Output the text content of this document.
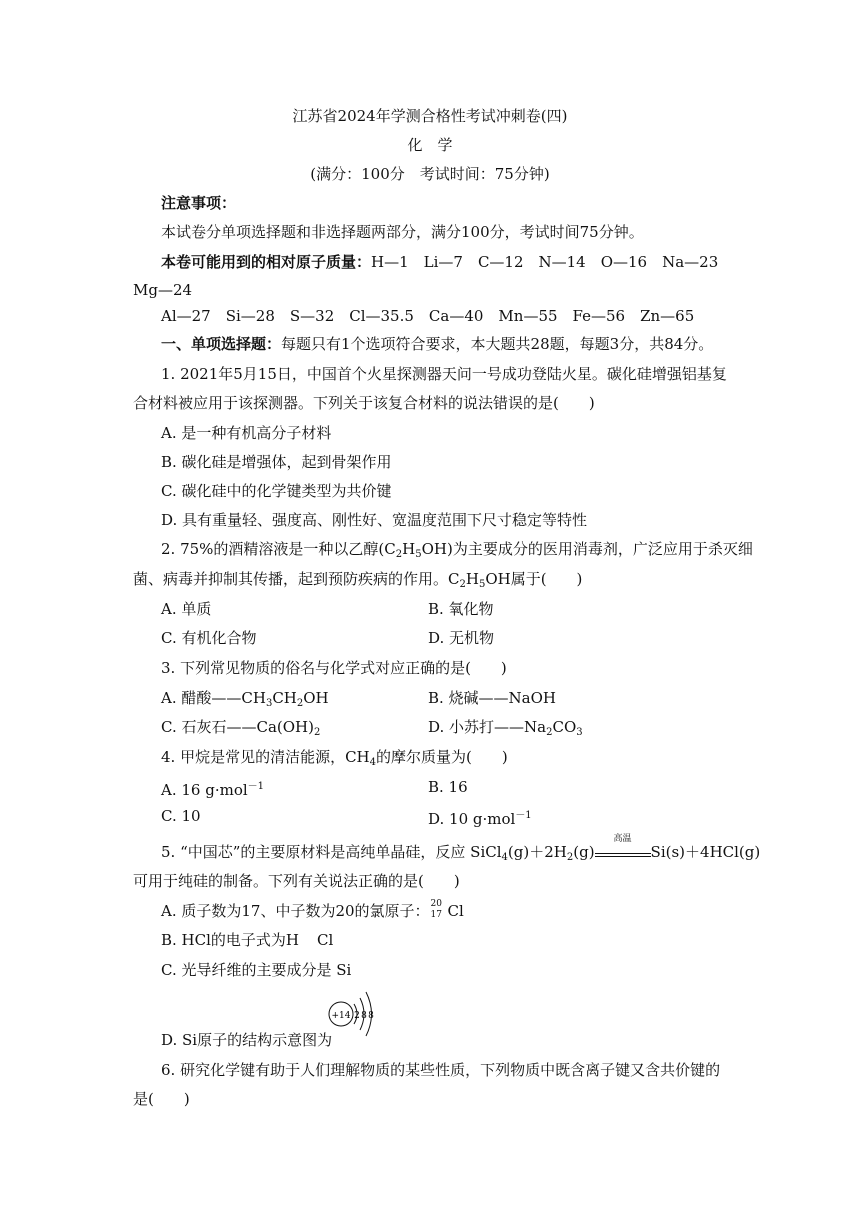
江苏省2024年学测合格性考试冲刺卷(四)
化　学
(满分：100分　考试时间：75分钟)
注意事项：
本试卷分单项选择题和非选择题两部分，满分100分，考试时间75分钟。
本卷可能用到的相对原子质量：H—1　Li—7　C—12　N—14　O—16　Na—23
Mg—24
Al—27　Si—28　S—32　Cl—35.5　Ca—40　Mn—55　Fe—56　Zn—65
一、单项选择题：每题只有1个选项符合要求，本大题共28题，每题3分，共84分。
1. 2021年5月15日，中国首个火星探测器天问一号成功登陆火星。碳化硅增强铝基复
合材料被应用于该探测器。下列关于该复合材料的说法错误的是(　　)
A. 是一种有机高分子材料
B. 碳化硅是增强体，起到骨架作用
C. 碳化硅中的化学键类型为共价键
D. 具有重量轻、强度高、刚性好、宽温度范围下尺寸稳定等特性
2. 75%的酒精溶液是一种以乙醇$(C_2H_5OH)$为主要成分的医用消毒剂，广泛应用于杀灭细
菌、病毒并抑制其传播，起到预防疾病的作用。$C_2H_5OH$属于(　　)
A. 单质	B. 氧化物
C. 有机化合物	D. 无机物
3. 下列常见物质的俗名与化学式对应正确的是(　　)
A. 醋酸$——CH_3CH_2OH$	B. 烧碱——NaOH
C. 石灰石$——Ca(OH)_2$	D. 小苏打$——Na_2CO_3$
4. 甲烷是常见的清洁能源，$CH_4$的摩尔质量为(　　)
A. 16 g·mol$^{-1}$	B. 16
C. 10	D. 10 g·mol$^{-1}$
5. “中国芯”的主要原材料是高纯单晶硅，反应 $SiCl_4(g)+2H_2(g)$
高温
Si(s)＋4HCl(g)
可用于纯硅的制备。下列有关说法正确的是(　　)
A. 质子数为17、中子数为20的氯原子： 20
17 Cl
B. HCl的电子式为H Cl
C. 光导纤维的主要成分是 Si
D. Si原子的结构示意图为
+14 2 8 8
6. 研究化学键有助于人们理解物质的某些性质，下列物质中既含离子键又含共价键的
是(　　)
